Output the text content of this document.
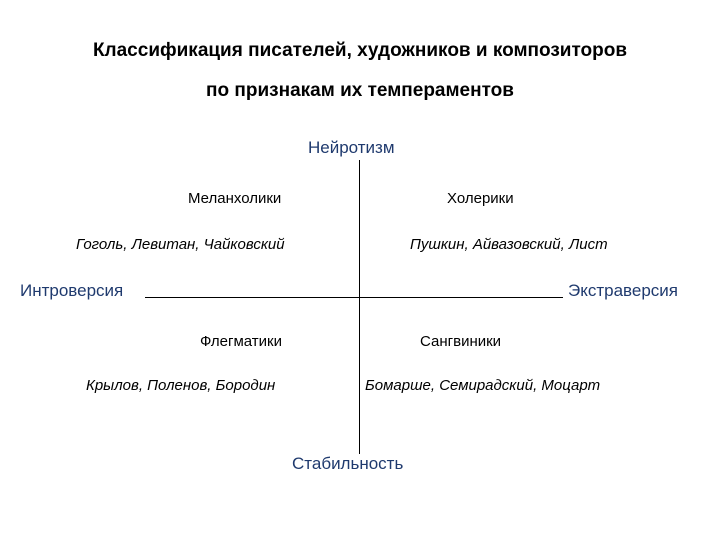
Классификация писателей, художников и композиторов
по признакам их темпераментов
Нейротизм
Стабильность
Интроверсия	Экстраверсия
Меланхолики
Гоголь, Левитан, Чайковский
Холерики
Пушкин, Айвазовский, Лист
Флегматики
Крылов, Поленов, Бородин
Сангвиники
Бомарше, Семирадский, Моцарт
